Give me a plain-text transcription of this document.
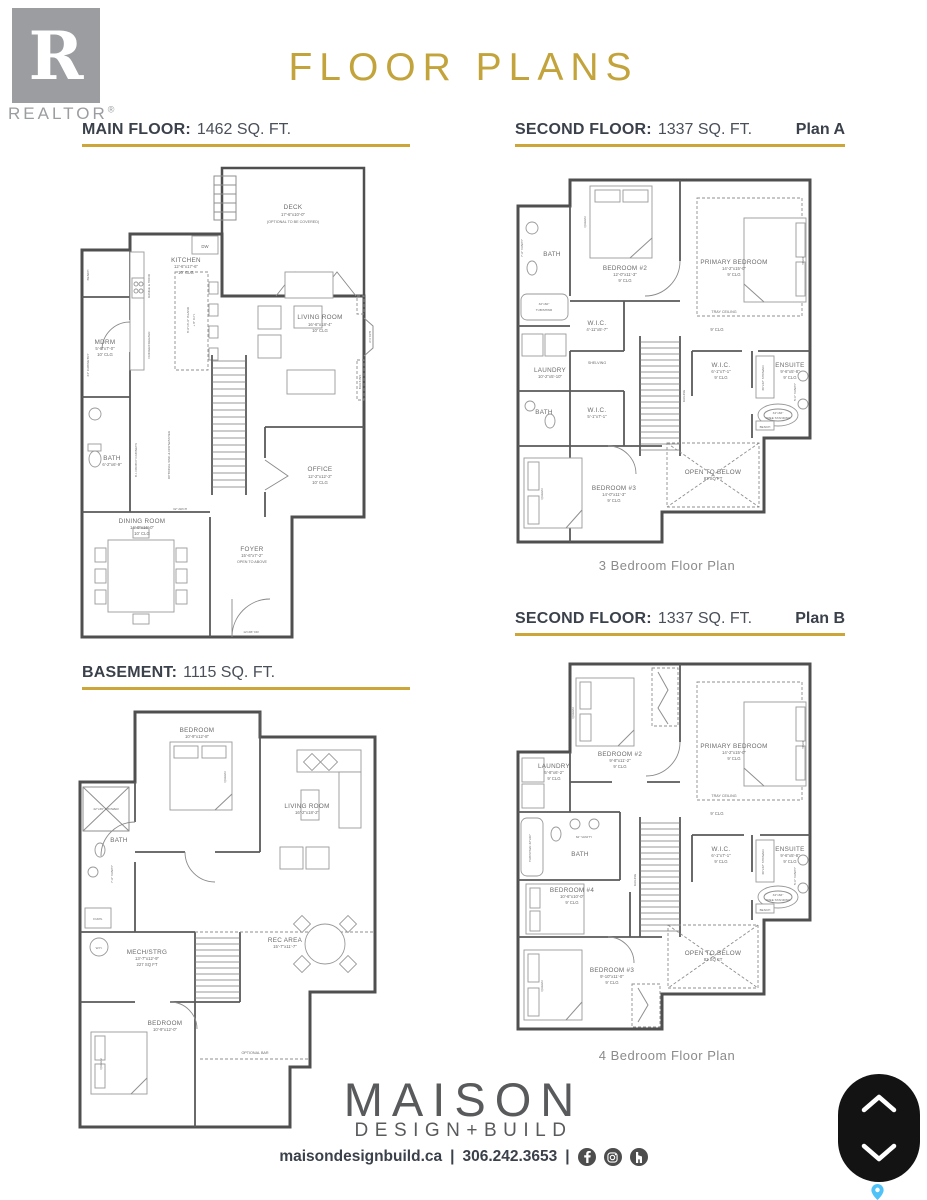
R
REALTOR®
FLOOR PLANS
MAIN FLOOR: 1462 SQ. FT.	SECOND FLOOR: 1337 SQ. FT.	Plan A
BASEMENT: 1115 SQ. FT.
SECOND FLOOR: 1337 SQ. FT.	Plan B
DECK
17'-6"x10'-0"
(OPTIONAL TO BE COVERED)
KITCHEN
12'-6"x17'-6"
10' CLG
LIVING ROOM
16'-6"x18'-4"
10' CLG
MDRM
5'-8"x7'-0"
10' CLG
BATH
6'-2"x6'-9"
DINING ROOM
14'-0"x16'-0"
10' CLG
OFFICE
12'-2"x12'-2"
10' CLG
FOYER
15'-6"x7'-2"
OPEN TO ABOVE
DW
8'-6"x3'-9" ISLAND + 8" O.H.
BENCH
24" CABINETRY
B.I. PANTRY CABINETS
FRIDGE/FREEZER
RANGE & HOOD
OPTIONAL SINK & DISHWASHER
32" ARCH
12'x96" DR
GAS F.P.
BUILT-INS
BEDROOM #2
12'-0"x11'-3"
9' CLG
QUEEN
PRIMARY BEDROOM
14'-2"x15'-0"
9' CLG
KING
TRAY CEILING
9' CLG
BATH
7'-6" VANITY
32"x60"
TUB/SHWR
W.I.C.
4'-11"x5'-7"
LAUNDRY
10'-2"x5'-10"
SHELVING
BATH	W.I.C.
5'-1"x7'-1"
RAILING
W.I.C.
6'-1"x7'-1"
9' CLG
ENSUITE
9'-6"x5'-8"
9' CLG
36"x42" SHOWER
34"x66"
FREE STANDING
BENCH
5'-0" VANITY
QUEEN	BEDROOM #3
14'-0"x11'-3"
9' CLG
OPEN TO BELOW
83 SQ FT
3 Bedroom Floor Plan
BEDROOM #2
9'-8"x11'-2"
9' CLG
QUEEN
PRIMARY BEDROOM
14'-2"x15'-0"
9' CLG
KING
TRAY CEILING
9' CLG
LAUNDRY
5'-8"x6'-2"
9' CLG
BATH
62" VANITY
TUB/SHWR 32"x60"
BEDROOM #4
10'-6"x10'-0"
9' CLG
QUEEN
BEDROOM #3
9'-10"x11'-0"
9' CLG
RAILING
W.I.C.
6'-1"x7'-1"
9' CLG
ENSUITE
9'-6"x5'-8"
9' CLG
36"x42" SHOWER
34"x66"
FREE STANDING
BENCH
5'-0" VANITY
OPEN TO BELOW
83 SQ FT
4 Bedroom Floor Plan
BEDROOM
10'-9"x12'-8"
QUEEN
LIVING ROOM
16'-2"x18'-2"
BATH
42"x36" SHOWER
7'-6" VANITY
MECH/STRG
13'-7"x12'-9"
227 SQ FT
FURN.
W.H.
REC AREA
15'-7"x11'-7"
BEDROOM
10'-9"x12'-0"
QUEEN
OPTIONAL BAR
MAISON
DESIGN+BUILD
maisondesignbuild.ca | 306.242.3653 |
